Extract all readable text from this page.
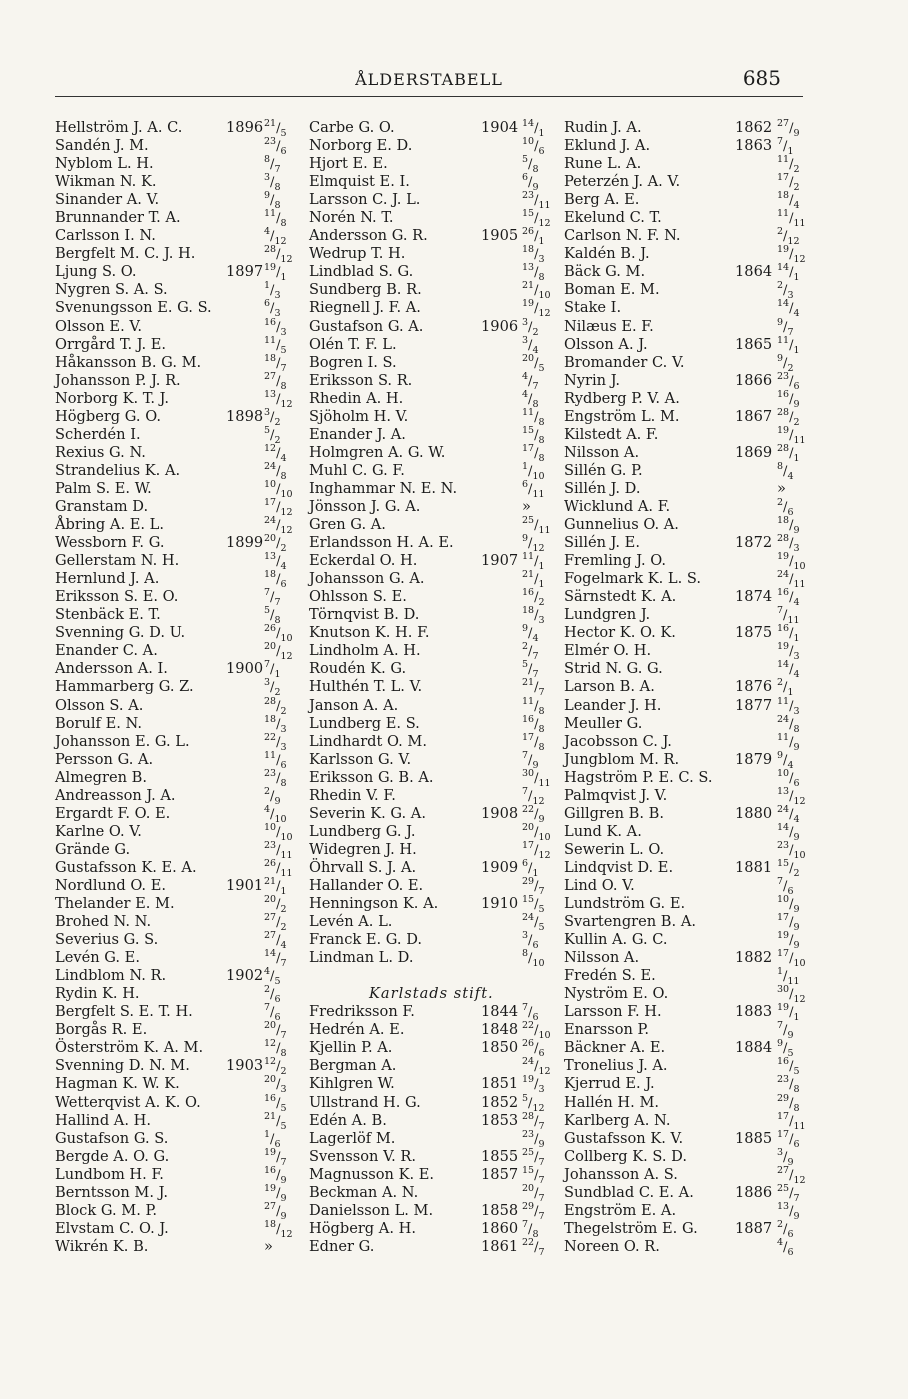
ÅLDERSTABELL	685
Hellström J. A. C.	1896 $^{21}/_5$
Sandén J. M.	$^{23}/_6$
Nyblom L. H.	$^8/_7$
Wikman N. K.	$^3/_8$
Sinander A. V.	$^9/_8$
Brunnander T. A.	$^{11}/_8$
Carlsson I. N.	$^4/_{12}$
Bergfelt M. C. J. H.	$^{28}/_{12}$
Ljung S. O.	1897 $^{19}/_1$
Nygren S. A. S.	$^1/_3$
Svenungsson E. G. S.	$^6/_3$
Olsson E. V.	$^{16}/_3$
Orrgård T. J. E.	$^{11}/_5$
Håkansson B. G. M.	$^{18}/_7$
Johansson P. J. R.	$^{27}/_8$
Norborg K. T. J.	$^{13}/_{12}$
Högberg G. O.	1898 $^3/_2$
Scherdén I.	$^5/_2$
Rexius G. N.	$^{12}/_4$
Strandelius K. A.	$^{24}/_8$
Palm S. E. W.	$^{10}/_{10}$
Granstam D.	$^{17}/_{12}$
Åbring A. E. L.	$^{24}/_{12}$
Wessborn F. G.	1899 $^{20}/_2$
Gellerstam N. H.	$^{13}/_4$
Hernlund J. A.	$^{18}/_6$
Eriksson S. E. O.	$^7/_7$
Stenbäck E. T.	$^5/_8$
Svenning G. D. U.	$^{26}/_{10}$
Enander C. A.	$^{20}/_{12}$
Andersson A. I.	1900 $^7/_1$
Hammarberg G. Z.	$^3/_2$
Olsson S. A.	$^{28}/_2$
Borulf E. N.	$^{18}/_3$
Johansson E. G. L.	$^{22}/_3$
Persson G. A.	$^{11}/_6$
Almegren B.	$^{23}/_8$
Andreasson J. A.	$^2/_9$
Ergardt F. O. E.	$^4/_{10}$
Karlne O. V.	$^{10}/_{10}$
Grände G.	$^{23}/_{11}$
Gustafsson K. E. A.	$^{26}/_{11}$
Nordlund O. E.	1901 $^{21}/_1$
Thelander E. M.	$^{20}/_2$
Brohed N. N.	$^{27}/_2$
Severius G. S.	$^{27}/_4$
Levén G. E.	$^{14}/_7$
Lindblom N. R.	1902 $^4/_5$
Rydin K. H.	$^2/_6$
Bergfelt S. E. T. H.	$^7/_6$
Borgås R. E.	$^{20}/_7$
Österström K. A. M.	$^{12}/_8$
Svenning D. N. M. 1903 $^{12}/_2$
Hagman K. W. K.	$^{20}/_3$
Wetterqvist A. K. O.	$^{16}/_5$
Hallind A. H.	$^{21}/_5$
Gustafson G. S.	$^1/_6$
Bergde A. O. G.	$^{19}/_7$
Lundbom H. F.	$^{16}/_9$
Berntsson M. J.	$^{19}/_9$
Block G. M. P.	$^{27}/_9$
Elvstam C. O. J.	$^{18}/_{12}$
Wikrén K. B.	»
Carbe G. O.	1904 $^{14}/_1$
Norborg E. D.	$^{10}/_6$
Hjort E. E.	$^5/_8$
Elmquist E. I.	$^6/_9$
Larsson C. J. L.	$^{23}/_{11}$
Norén N. T.	$^{15}/_{12}$
Andersson G. R.	1905 $^{26}/_1$
Wedrup T. H.	$^{18}/_3$
Lindblad S. G.	$^{13}/_8$
Sundberg B. R.	$^{21}/_{10}$
Riegnell J. F. A.	$^{19}/_{12}$
Gustafson G. A.	1906 $^3/_2$
Olén T. F. L.	$^3/_4$
Bogren I. S.	$^{20}/_5$
Eriksson S. R.	$^4/_7$
Rhedin A. H.	$^4/_8$
Sjöholm H. V.	$^{11}/_8$
Enander J. A.	$^{15}/_8$
Holmgren A. G. W.	$^{17}/_8$
Muhl C. G. F.	$^1/_{10}$
Inghammar N. E. N.	$^6/_{11}$
Jönsson J. G. A.	»
Gren G. A.	$^{25}/_{11}$
Erlandsson H. A. E.	$^9/_{12}$
Eckerdal O. H.	1907 $^{11}/_1$
Johansson G. A.	$^{21}/_1$
Ohlsson S. E.	$^{16}/_2$
Törnqvist B. D.	$^{18}/_3$
Knutson K. H. F.	$^9/_4$
Lindholm A. H.	$^2/_7$
Roudén K. G.	$^5/_7$
Hulthén T. L. V.	$^{21}/_7$
Janson A. A.	$^{11}/_8$
Lundberg E. S.	$^{16}/_8$
Lindhardt O. M.	$^{17}/_8$
Karlsson G. V.	$^7/_9$
Eriksson G. B. A.	$^{30}/_{11}$
Rhedin V. F.	$^7/_{12}$
Severin K. G. A.	1908 $^{22}/_9$
Lundberg G. J.	$^{20}/_{10}$
Widegren J. H.	$^{17}/_{12}$
Öhrvall S. J. A.	1909 $^6/_1$
Hallander O. E.	$^{29}/_7$
Henningson K. A.	1910 $^{15}/_5$
Levén A. L.	$^{24}/_5$
Franck E. G. D.	$^3/_6$
Lindman L. D.	$^8/_{10}$
Karlstads stift.
Fredriksson F.	1844 $^7/_6$
Hedrén A. E.	1848 $^{22}/_{10}$
Kjellin P. A.	1850 $^{26}/_6$
Bergman A.	$^{24}/_{12}$
Kihlgren W.	1851 $^{19}/_3$
Ullstrand H. G.	1852 $^5/_{12}$
Edén A. B.	1853 $^{28}/_7$
Lagerlöf M.	$^{23}/_9$
Svensson V. R.	1855 $^{25}/_7$
Magnusson K. E.	1857 $^{15}/_7$
Beckman A. N.	$^{20}/_7$
Danielsson L. M.	1858 $^{29}/_7$
Högberg A. H.	1860 $^7/_8$
Edner G.	1861 $^{22}/_7$
Rudin J. A.	1862 $^{27}/_9$
Eklund J. A.	1863 $^7/_1$
Rune L. A.	$^{11}/_2$
Peterzén J. A. V.	$^{17}/_2$
Berg A. E.	$^{18}/_4$
Ekelund C. T.	$^{11}/_{11}$
Carlson N. F. N.	$^2/_{12}$
Kaldén B. J.	$^{19}/_{12}$
Bäck G. M.	1864 $^{14}/_1$
Boman E. M.	$^2/_3$
Stake I.	$^{14}/_4$
Nilæus E. F.	$^9/_7$
Olsson A. J.	1865 $^{11}/_1$
Bromander C. V.	$^9/_2$
Nyrin J.	1866 $^{23}/_6$
Rydberg P. V. A.	$^{16}/_9$
Engström L. M.	1867 $^{28}/_2$
Kilstedt A. F.	$^{19}/_{11}$
Nilsson A.	1869 $^{28}/_1$
Sillén G. P.	$^8/_4$
Sillén J. D.	»
Wicklund A. F.	$^2/_6$
Gunnelius O. A.	$^{18}/_9$
Sillén J. E.	1872 $^{28}/_3$
Fremling J. O.	$^{19}/_{10}$
Fogelmark K. L. S.	$^{24}/_{11}$
Särnstedt K. A.	1874 $^{16}/_4$
Lundgren J.	$^7/_{11}$
Hector K. O. K.	1875 $^{16}/_1$
Elmér O. H.	$^{19}/_3$
Strid N. G. G.	$^{14}/_4$
Larson B. A.	1876 $^2/_1$
Leander J. H.	1877 $^{11}/_3$
Meuller G.	$^{24}/_8$
Jacobsson C. J.	$^{11}/_9$
Jungblom M. R.	1879 $^9/_4$
Hagström P. E. C. S.	$^{10}/_6$
Palmqvist J. V.	$^{13}/_{12}$
Gillgren B. B.	1880 $^{24}/_4$
Lund K. A.	$^{14}/_9$
Sewerin L. O.	$^{23}/_{10}$
Lindqvist D. E.	1881 $^{15}/_2$
Lind O. V.	$^7/_6$
Lundström G. E.	$^{10}/_9$
Svartengren B. A.	$^{17}/_9$
Kullin A. G. C.	$^{19}/_9$
Nilsson A.	1882 $^{17}/_{10}$
Fredén S. E.	$^1/_{11}$
Nyström E. O.	$^{30}/_{12}$
Larsson F. H.	1883 $^{19}/_1$
Enarsson P.	$^7/_9$
Bäckner A. E.	1884 $^9/_5$
Tronelius J. A.	$^{16}/_5$
Kjerrud E. J.	$^{23}/_8$
Hallén H. M.	$^{29}/_8$
Karlberg A. N.	$^{17}/_{11}$
Gustafsson K. V.	1885 $^{17}/_6$
Collberg K. S. D.	$^3/_9$
Johansson A. S.	$^{27}/_{12}$
Sundblad C. E. A.	1886 $^{25}/_7$
Engström E. A.	$^{13}/_9$
Thegelström E. G.	1887 $^2/_6$
Noreen O. R.	$^4/_6$
